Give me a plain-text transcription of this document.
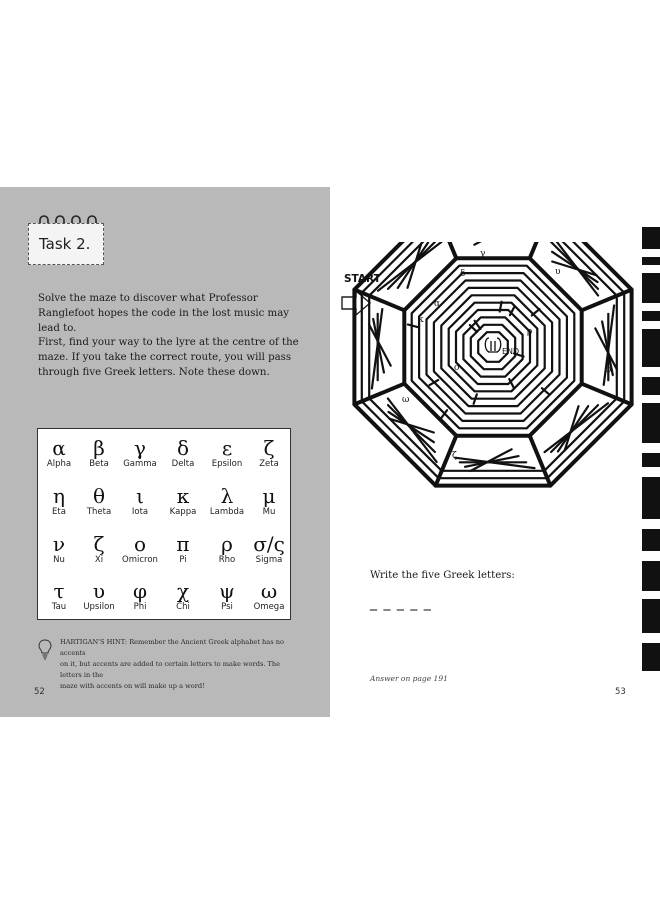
Task 2.

Solve the maze to discover what Professor Ranglefoot hopes the code in the lost music may lead to.

First, find your way to the lyre at the centre of the maze. If you take the correct route, you will pass through five Greek letters. Note these down.

α
Alpha
β
Beta
γ
Gamma
δ
Delta
ε
Epsilon
ζ
Zeta
η
Eta
θ
Theta
ι
Iota
κ
Kappa
λ
Lambda
μ
Mu
ν
Nu
ζ
Xi
ο
Omicron
π
Pi
ρ
Rho
σ/ς
Sigma
τ
Tau
υ
Upsilon
φ
Phi
χ
Chi
ψ
Psi
ω
Omega

HARTIGAN'S HINT: Remember the Ancient Greek alphabet has no accents
on it, but accents are added to certain letters to make words. The letters in the
maze with accents on will make up a word!

52
START
γ
δ	υ
κ
ά
φ
σ
ω
ζ
ρ
END
Write the five Greek letters:
_ _ _ _ _
Answer on page 191
53
